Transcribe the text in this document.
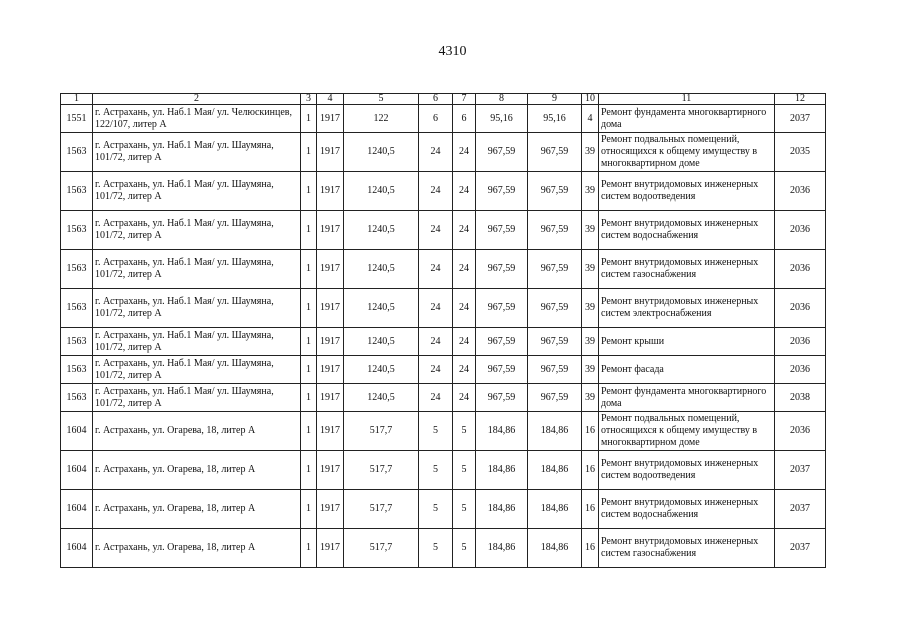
4310
1	2	3	4	5	6	7	8	9	10	11	12
1551	г. Астрахань, ул. Наб.1 Мая/ ул. Челюскинцев, 122/107, литер А	1	1917	122	6	6	95,16	95,16	4	Ремонт фундамента многоквартирного дома	2037
1563	г. Астрахань, ул. Наб.1 Мая/ ул. Шаумяна, 101/72, литер А	1	1917	1240,5	24	24	967,59	967,59	39	Ремонт подвальных помещений, относящихся к общему имуществу в многоквартирном доме	2035
1563	г. Астрахань, ул. Наб.1 Мая/ ул. Шаумяна, 101/72, литер А	1	1917	1240,5	24	24	967,59	967,59	39	Ремонт внутридомовых инженерных систем водоотведения	2036
1563	г. Астрахань, ул. Наб.1 Мая/ ул. Шаумяна, 101/72, литер А	1	1917	1240,5	24	24	967,59	967,59	39	Ремонт внутридомовых инженерных систем водоснабжения	2036
1563	г. Астрахань, ул. Наб.1 Мая/ ул. Шаумяна, 101/72, литер А	1	1917	1240,5	24	24	967,59	967,59	39	Ремонт внутридомовых инженерных систем газоснабжения	2036
1563	г. Астрахань, ул. Наб.1 Мая/ ул. Шаумяна, 101/72, литер А	1	1917	1240,5	24	24	967,59	967,59	39	Ремонт внутридомовых инженерных систем электроснабжения	2036
1563	г. Астрахань, ул. Наб.1 Мая/ ул. Шаумяна, 101/72, литер А	1	1917	1240,5	24	24	967,59	967,59	39	Ремонт крыши	2036
1563	г. Астрахань, ул. Наб.1 Мая/ ул. Шаумяна, 101/72, литер А	1	1917	1240,5	24	24	967,59	967,59	39	Ремонт фасада	2036
1563	г. Астрахань, ул. Наб.1 Мая/ ул. Шаумяна, 101/72, литер А	1	1917	1240,5	24	24	967,59	967,59	39	Ремонт фундамента многоквартирного дома	2038
1604	г. Астрахань, ул. Огарева, 18, литер А	1	1917	517,7	5	5	184,86	184,86	16	Ремонт подвальных помещений, относящихся к общему имуществу в многоквартирном доме	2036
1604	г. Астрахань, ул. Огарева, 18, литер А	1	1917	517,7	5	5	184,86	184,86	16	Ремонт внутридомовых инженерных систем водоотведения	2037
1604	г. Астрахань, ул. Огарева, 18, литер А	1	1917	517,7	5	5	184,86	184,86	16	Ремонт внутридомовых инженерных систем водоснабжения	2037
1604	г. Астрахань, ул. Огарева, 18, литер А	1	1917	517,7	5	5	184,86	184,86	16	Ремонт внутридомовых инженерных систем газоснабжения	2037
